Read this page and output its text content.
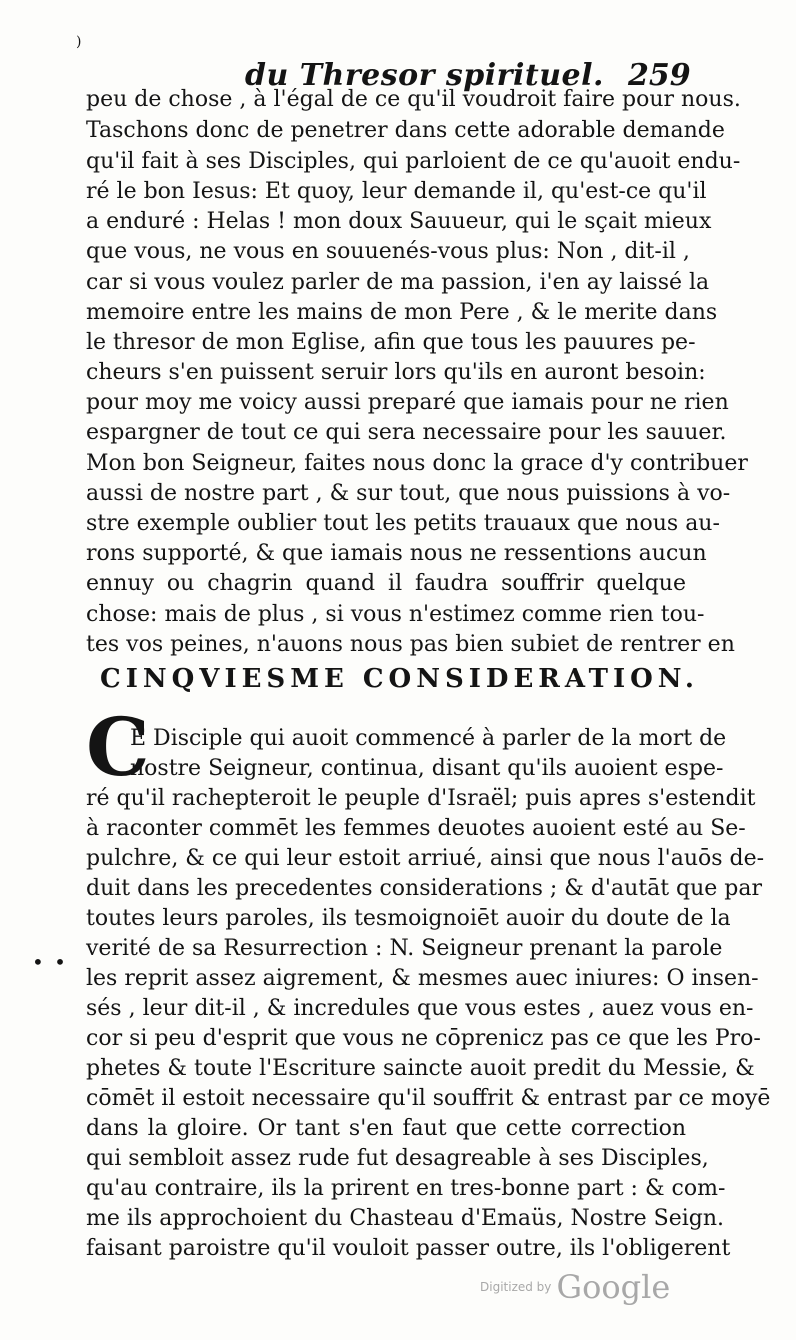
)
du Thresor spirituel. 259
peu de chose , à l'égal de ce qu'il voudroit faire pour nous.
Taschons donc de penetrer dans cette adorable demande
qu'il fait à ses Disciples, qui parloient de ce qu'auoit endu-
ré le bon Iesus: Et quoy, leur demande il, qu'est-ce qu'il
a enduré : Helas ! mon doux Sauueur, qui le sçait mieux
que vous, ne vous en souuenés-vous plus: Non , dit-il ,
car si vous voulez parler de ma passion, i'en ay laissé la
memoire entre les mains de mon Pere , & le merite dans
le thresor de mon Eglise, afin que tous les pauures pe-
cheurs s'en puissent seruir lors qu'ils en auront besoin:
pour moy me voicy aussi preparé que iamais pour ne rien
espargner de tout ce qui sera necessaire pour les sauuer.
Mon bon Seigneur, faites nous donc la grace d'y contribuer
aussi de nostre part , & sur tout, que nous puissions à vo-
stre exemple oublier tout les petits trauaux que nous au-
rons supporté, & que iamais nous ne ressentions aucun
ennuy ou chagrin quand il faudra souffrir quelque
chose: mais de plus , si vous n'estimez comme rien tou-
tes vos peines, n'auons nous pas bien subiet de rentrer en
CINQVIESME CONSIDERATION.
C
E Disciple qui auoit commencé à parler de la mort de
nostre Seigneur, continua, disant qu'ils auoient espe-
ré qu'il rachepteroit le peuple d'Israël; puis apres s'estendit
à raconter commēt les femmes deuotes auoient esté au Se-
pulchre, & ce qui leur estoit arriué, ainsi que nous l'auōs de-
duit dans les precedentes considerations ; & d'autāt que par
toutes leurs paroles, ils tesmoignoiēt auoir du doute de la
verité de sa Resurrection : N. Seigneur prenant la parole
les reprit assez aigrement, & mesmes auec iniures: O insen-
sés , leur dit-il , & incredules que vous estes , auez vous en-
cor si peu d'esprit que vous ne cōprenicz pas ce que les Pro-
phetes & toute l'Escriture saincte auoit predit du Messie, &
cōmēt il estoit necessaire qu'il souffrit & entrast par ce moyē
dans la gloire. Or tant s'en faut que cette correction
qui sembloit assez rude fut desagreable à ses Disciples,
qu'au contraire, ils la prirent en tres-bonne part : & com-
me ils approchoient du Chasteau d'Emaüs, Nostre Seign.
faisant paroistre qu'il vouloit passer outre, ils l'obligerent
• •
Digitized by Google
